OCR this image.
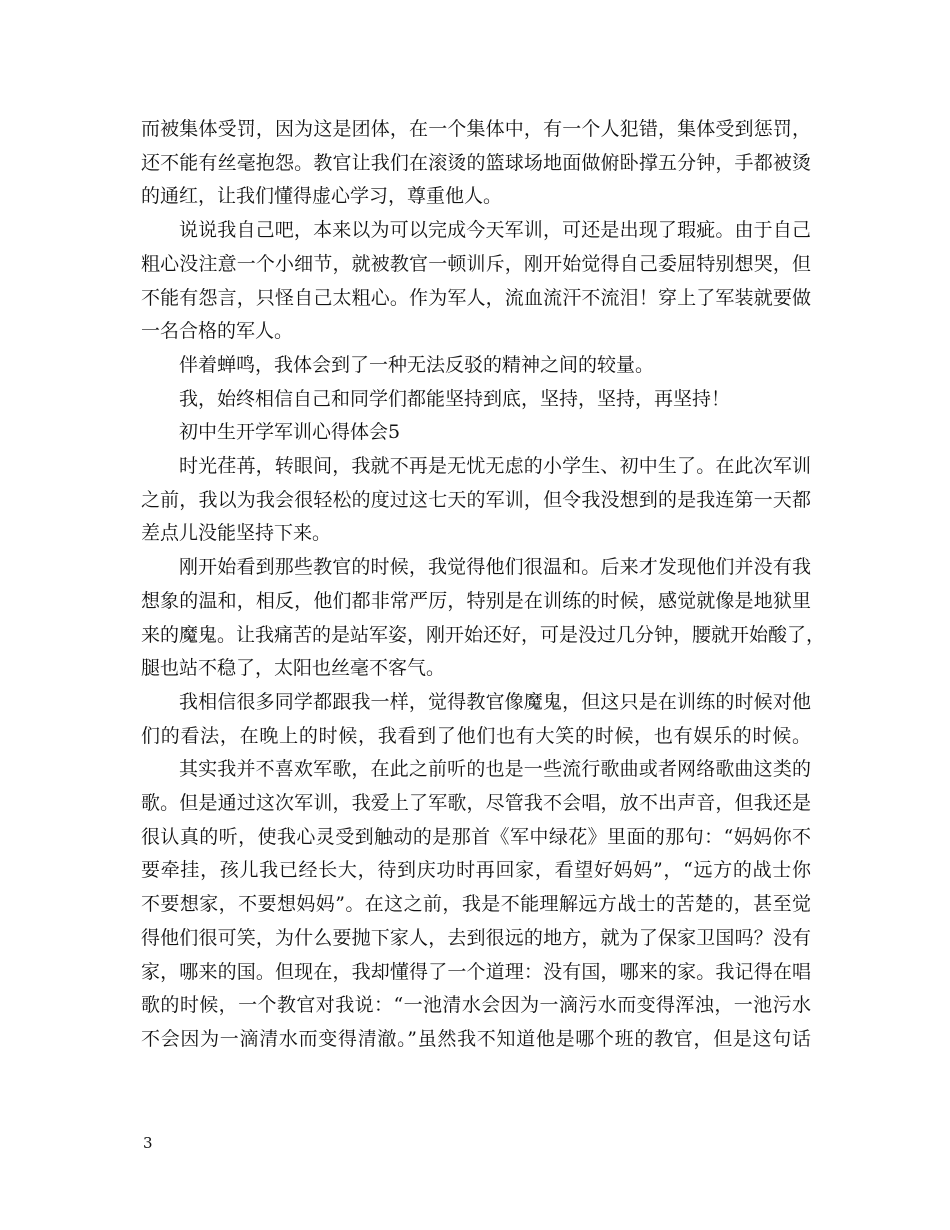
而被集体受罚，因为这是团体，在一个集体中，有一个人犯错，集体受到惩罚，
还不能有丝毫抱怨。教官让我们在滚烫的篮球场地面做俯卧撑五分钟，手都被烫
的通红，让我们懂得虚心学习，尊重他人。
说说我自己吧，本来以为可以完成今天军训，可还是出现了瑕疵。由于自己
粗心没注意一个小细节，就被教官一顿训斥，刚开始觉得自己委屈特别想哭，但
不能有怨言，只怪自己太粗心。作为军人，流血流汗不流泪！穿上了军装就要做
一名合格的军人。
伴着蝉鸣，我体会到了一种无法反驳的精神之间的较量。
我，始终相信自己和同学们都能坚持到底，坚持，坚持，再坚持！
初中生开学军训心得体会5
时光荏苒，转眼间，我就不再是无忧无虑的小学生、初中生了。在此次军训
之前，我以为我会很轻松的度过这七天的军训，但令我没想到的是我连第一天都
差点儿没能坚持下来。
刚开始看到那些教官的时候，我觉得他们很温和。后来才发现他们并没有我
想象的温和，相反，他们都非常严厉，特别是在训练的时候，感觉就像是地狱里
来的魔鬼。让我痛苦的是站军姿，刚开始还好，可是没过几分钟，腰就开始酸了，
腿也站不稳了，太阳也丝毫不客气。
我相信很多同学都跟我一样，觉得教官像魔鬼，但这只是在训练的时候对他
们的看法，在晚上的时候，我看到了他们也有大笑的时候，也有娱乐的时候。
其实我并不喜欢军歌，在此之前听的也是一些流行歌曲或者网络歌曲这类的
歌。但是通过这次军训，我爱上了军歌，尽管我不会唱，放不出声音，但我还是
很认真的听，使我心灵受到触动的是那首《军中绿花》里面的那句：“妈妈你不
要牵挂，孩儿我已经长大，待到庆功时再回家，看望好妈妈”，“远方的战士你
不要想家，不要想妈妈”。在这之前，我是不能理解远方战士的苦楚的，甚至觉
得他们很可笑，为什么要抛下家人，去到很远的地方，就为了保家卫国吗？没有
家，哪来的国。但现在，我却懂得了一个道理：没有国，哪来的家。我记得在唱
歌的时候，一个教官对我说：“一池清水会因为一滴污水而变得浑浊，一池污水
不会因为一滴清水而变得清澈。”虽然我不知道他是哪个班的教官，但是这句话
3
